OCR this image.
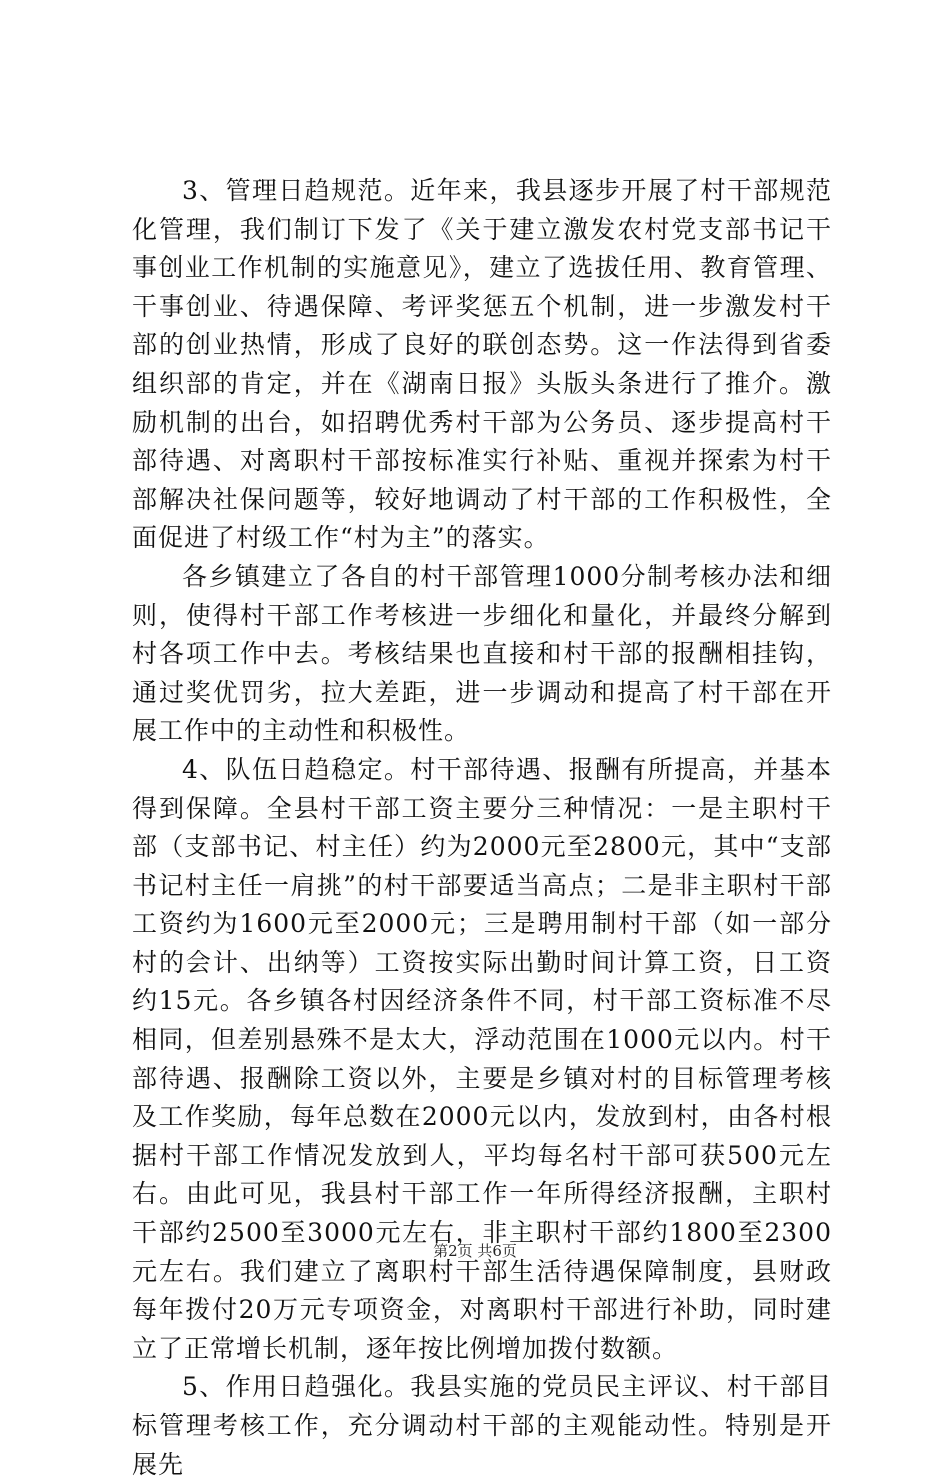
3、管理日趋规范。近年来，我县逐步开展了村干部规范化管理，我们制订下发了《关于建立激发农村党支部书记干事创业工作机制的实施意见》，建立了选拔任用、教育管理、干事创业、待遇保障、考评奖惩五个机制，进一步激发村干部的创业热情，形成了良好的联创态势。这一作法得到省委组织部的肯定，并在《湖南日报》头版头条进行了推介。激励机制的出台，如招聘优秀村干部为公务员、逐步提高村干部待遇、对离职村干部按标准实行补贴、重视并探索为村干部解决社保问题等，较好地调动了村干部的工作积极性，全面促进了村级工作“村为主”的落实。

各乡镇建立了各自的村干部管理1000分制考核办法和细则，使得村干部工作考核进一步细化和量化，并最终分解到村各项工作中去。考核结果也直接和村干部的报酬相挂钩，通过奖优罚劣，拉大差距，进一步调动和提高了村干部在开展工作中的主动性和积极性。

4、队伍日趋稳定。村干部待遇、报酬有所提高，并基本得到保障。全县村干部工资主要分三种情况：一是主职村干部（支部书记、村主任）约为2000元至2800元，其中“支部书记村主任一肩挑”的村干部要适当高点；二是非主职村干部工资约为1600元至2000元；三是聘用制村干部（如一部分村的会计、出纳等）工资按实际出勤时间计算工资，日工资约15元。各乡镇各村因经济条件不同，村干部工资标准不尽相同，但差别悬殊不是太大，浮动范围在1000元以内。村干部待遇、报酬除工资以外，主要是乡镇对村的目标管理考核及工作奖励，每年总数在2000元以内，发放到村，由各村根据村干部工作情况发放到人，平均每名村干部可获500元左右。由此可见，我县村干部工作一年所得经济报酬，主职村干部约2500至3000元左右，非主职村干部约1800至2300元左右。我们建立了离职村干部生活待遇保障制度，县财政每年拨付20万元专项资金，对离职村干部进行补助，同时建立了正常增长机制，逐年按比例增加拨付数额。

5、作用日趋强化。我县实施的党员民主评议、村干部目标管理考核工作，充分调动村干部的主观能动性。特别是开展先

第2页 共6页
